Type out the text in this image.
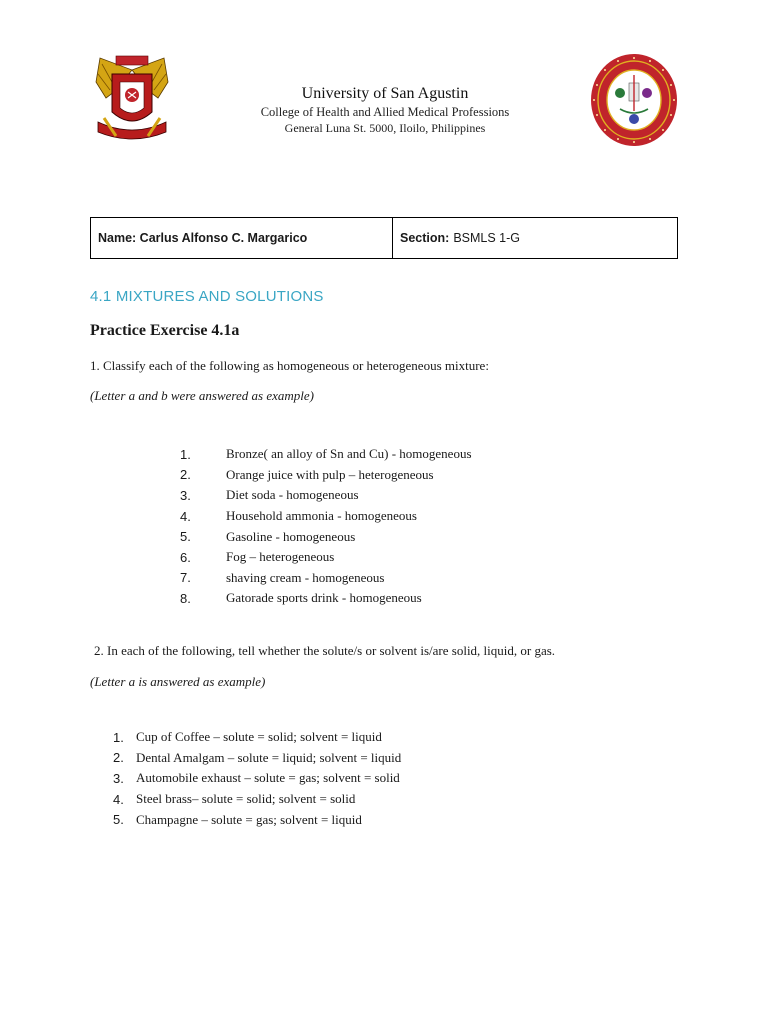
University of San Agustin
College of Health and Allied Medical Professions
General Luna St. 5000, Iloilo, Philippines
Name: Carlus Alfonso C. Margarico	Section: BSMLS 1-G
4.1 MIXTURES AND SOLUTIONS
Practice Exercise 4.1a
1. Classify each of the following as homogeneous or heterogeneous mixture:
(Letter a and b were answered as example)
1.	Bronze( an alloy of Sn and Cu) - homogeneous
2.	Orange juice with pulp – heterogeneous
3.	Diet soda - homogeneous
4.	Household ammonia - homogeneous
5.	Gasoline - homogeneous
6.	Fog – heterogeneous
7.	shaving cream - homogeneous
8.	Gatorade sports drink - homogeneous
2. In each of the following, tell whether the solute/s or solvent is/are solid, liquid, or gas.
(Letter a is answered as example)
1. Cup of Coffee – solute = solid; solvent = liquid
2. Dental Amalgam – solute = liquid; solvent = liquid
3. Automobile exhaust – solute = gas; solvent = solid
4. Steel brass– solute = solid; solvent = solid
5. Champagne – solute = gas; solvent = liquid
